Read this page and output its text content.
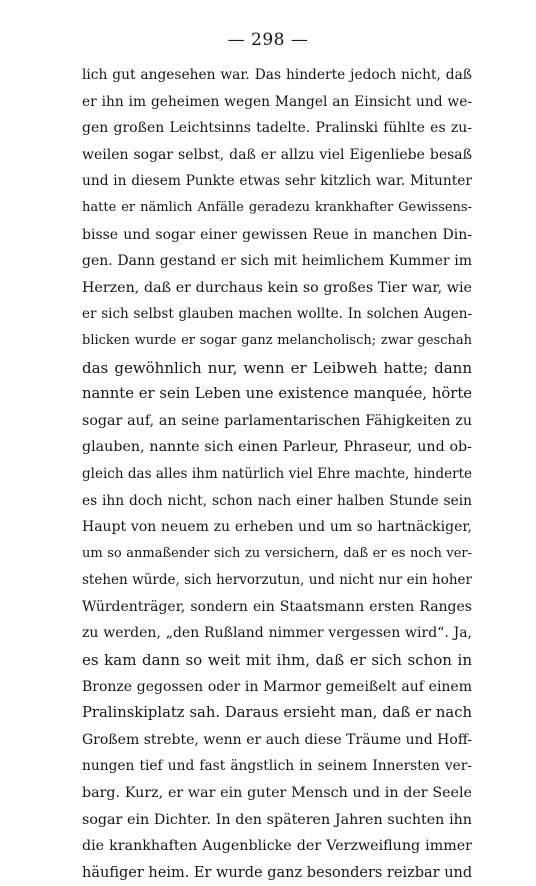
— 298 —
lich gut angesehen war. Das hinderte jedoch nicht, daß
er ihn im geheimen wegen Mangel an Einsicht und we-
gen großen Leichtsinns tadelte. Pralinski fühlte es zu-
weilen sogar selbst, daß er allzu viel Eigenliebe besaß
und in diesem Punkte etwas sehr kitzlich war. Mitunter
hatte er nämlich Anfälle geradezu krankhafter Gewissens-
bisse und sogar einer gewissen Reue in manchen Din-
gen. Dann gestand er sich mit heimlichem Kummer im
Herzen, daß er durchaus kein so großes Tier war, wie
er sich selbst glauben machen wollte. In solchen Augen-
blicken wurde er sogar ganz melancholisch; zwar geschah
das gewöhnlich nur, wenn er Leibweh hatte; dann
nannte er sein Leben une existence manquée, hörte
sogar auf, an seine parlamentarischen Fähigkeiten zu
glauben, nannte sich einen Parleur, Phraseur, und ob-
gleich das alles ihm natürlich viel Ehre machte, hinderte
es ihn doch nicht, schon nach einer halben Stunde sein
Haupt von neuem zu erheben und um so hartnäckiger,
um so anmaßender sich zu versichern, daß er es noch ver-
stehen würde, sich hervorzutun, und nicht nur ein hoher
Würdenträger, sondern ein Staatsmann ersten Ranges
zu werden, „den Rußland nimmer vergessen wird“. Ja,
es kam dann so weit mit ihm, daß er sich schon in
Bronze gegossen oder in Marmor gemeißelt auf einem
Pralinskiplatz sah. Daraus ersieht man, daß er nach
Großem strebte, wenn er auch diese Träume und Hoff-
nungen tief und fast ängstlich in seinem Innersten ver-
barg. Kurz, er war ein guter Mensch und in der Seele
sogar ein Dichter. In den späteren Jahren suchten ihn
die krankhaften Augenblicke der Verzweiflung immer
häufiger heim. Er wurde ganz besonders reizbar und
